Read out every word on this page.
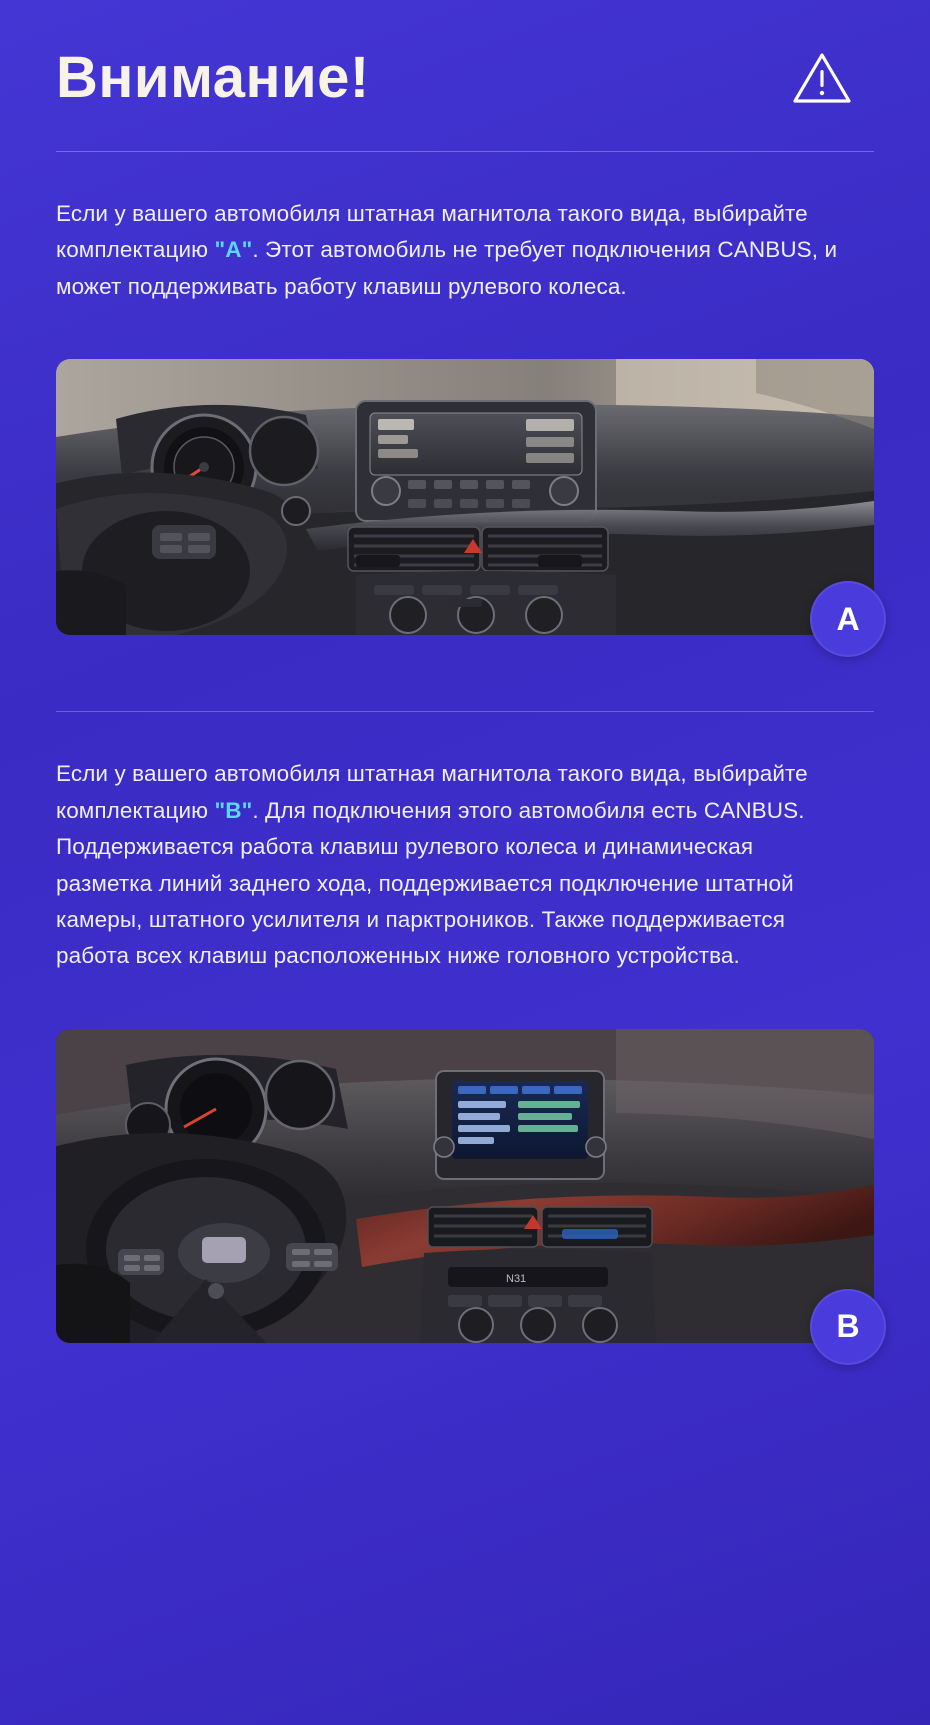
Внимание!

Если у вашего автомобиля штатная магнитола такого вида, выбирайте комплектацию "A". Этот автомобиль не требует подключения CANBUS, и может поддерживать работу клавиш рулевого колеса.

A

Если у вашего автомобиля штатная магнитола такого вида, выбирайте комплектацию "B". Для подключения этого автомобиля есть CANBUS. Поддерживается работа клавиш рулевого колеса и динамическая разметка линий заднего хода, поддерживается подключение штатной камеры, штатного усилителя и парктроников. Также поддерживается работа всех клавиш расположенных ниже головного устройства.

N31
B
